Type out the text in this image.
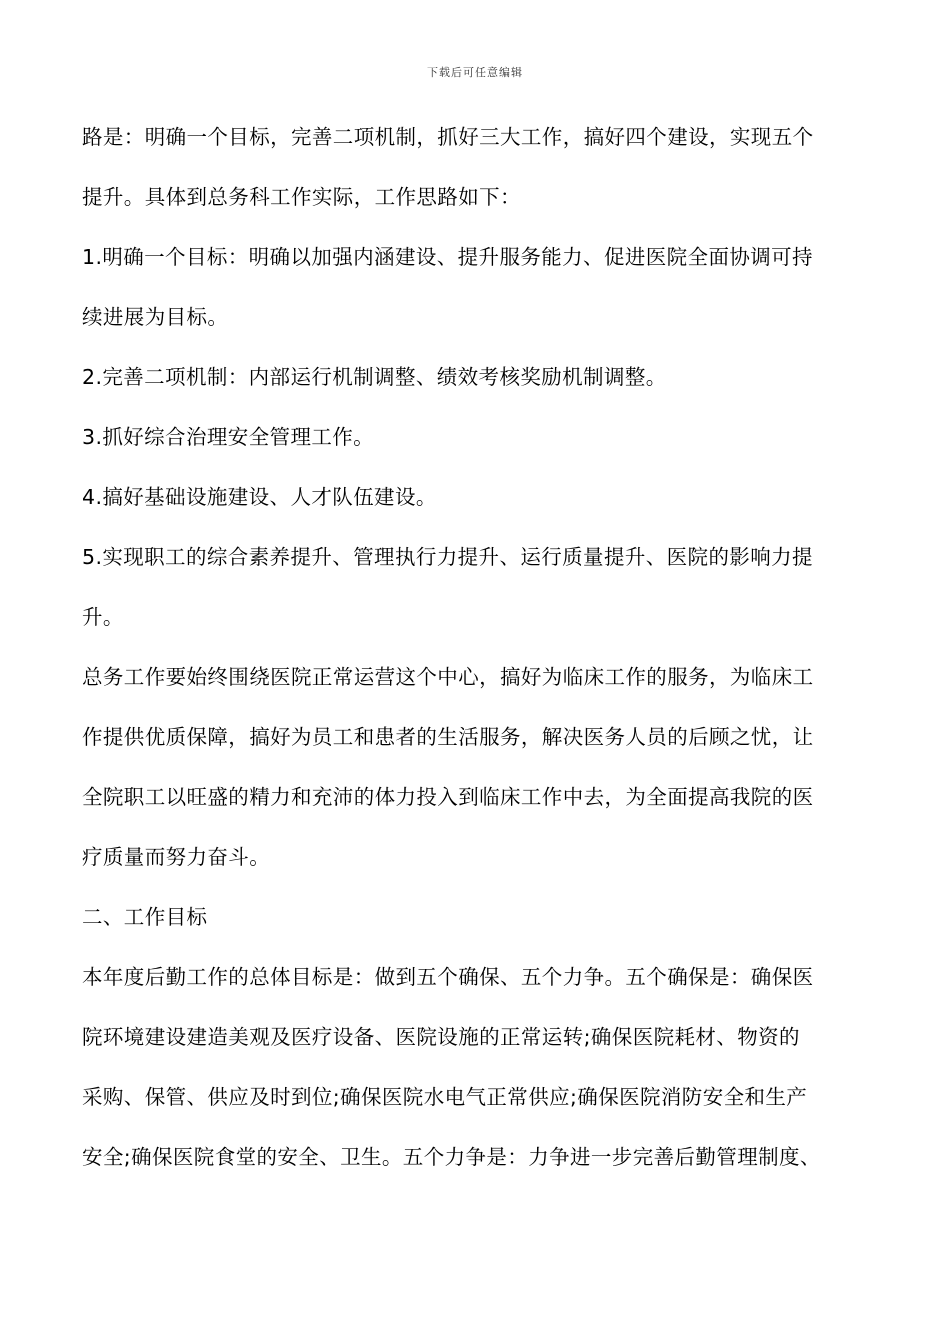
下载后可任意编辑
路是：明确一个目标，完善二项机制，抓好三大工作，搞好四个建设，实现五个
提升。具体到总务科工作实际，工作思路如下：
1.明确一个目标：明确以加强内涵建设、提升服务能力、促进医院全面协调可持
续进展为目标。
2.完善二项机制：内部运行机制调整、绩效考核奖励机制调整。
3.抓好综合治理安全管理工作。
4.搞好基础设施建设、人才队伍建设。
5.实现职工的综合素养提升、管理执行力提升、运行质量提升、医院的影响力提
升。
总务工作要始终围绕医院正常运营这个中心，搞好为临床工作的服务，为临床工
作提供优质保障，搞好为员工和患者的生活服务，解决医务人员的后顾之忧，让
全院职工以旺盛的精力和充沛的体力投入到临床工作中去，为全面提高我院的医
疗质量而努力奋斗。
二、工作目标
本年度后勤工作的总体目标是：做到五个确保、五个力争。五个确保是：确保医
院环境建设建造美观及医疗设备、医院设施的正常运转;确保医院耗材、物资的
采购、保管、供应及时到位;确保医院水电气正常供应;确保医院消防安全和生产
安全;确保医院食堂的安全、卫生。五个力争是：力争进一步完善后勤管理制度、
